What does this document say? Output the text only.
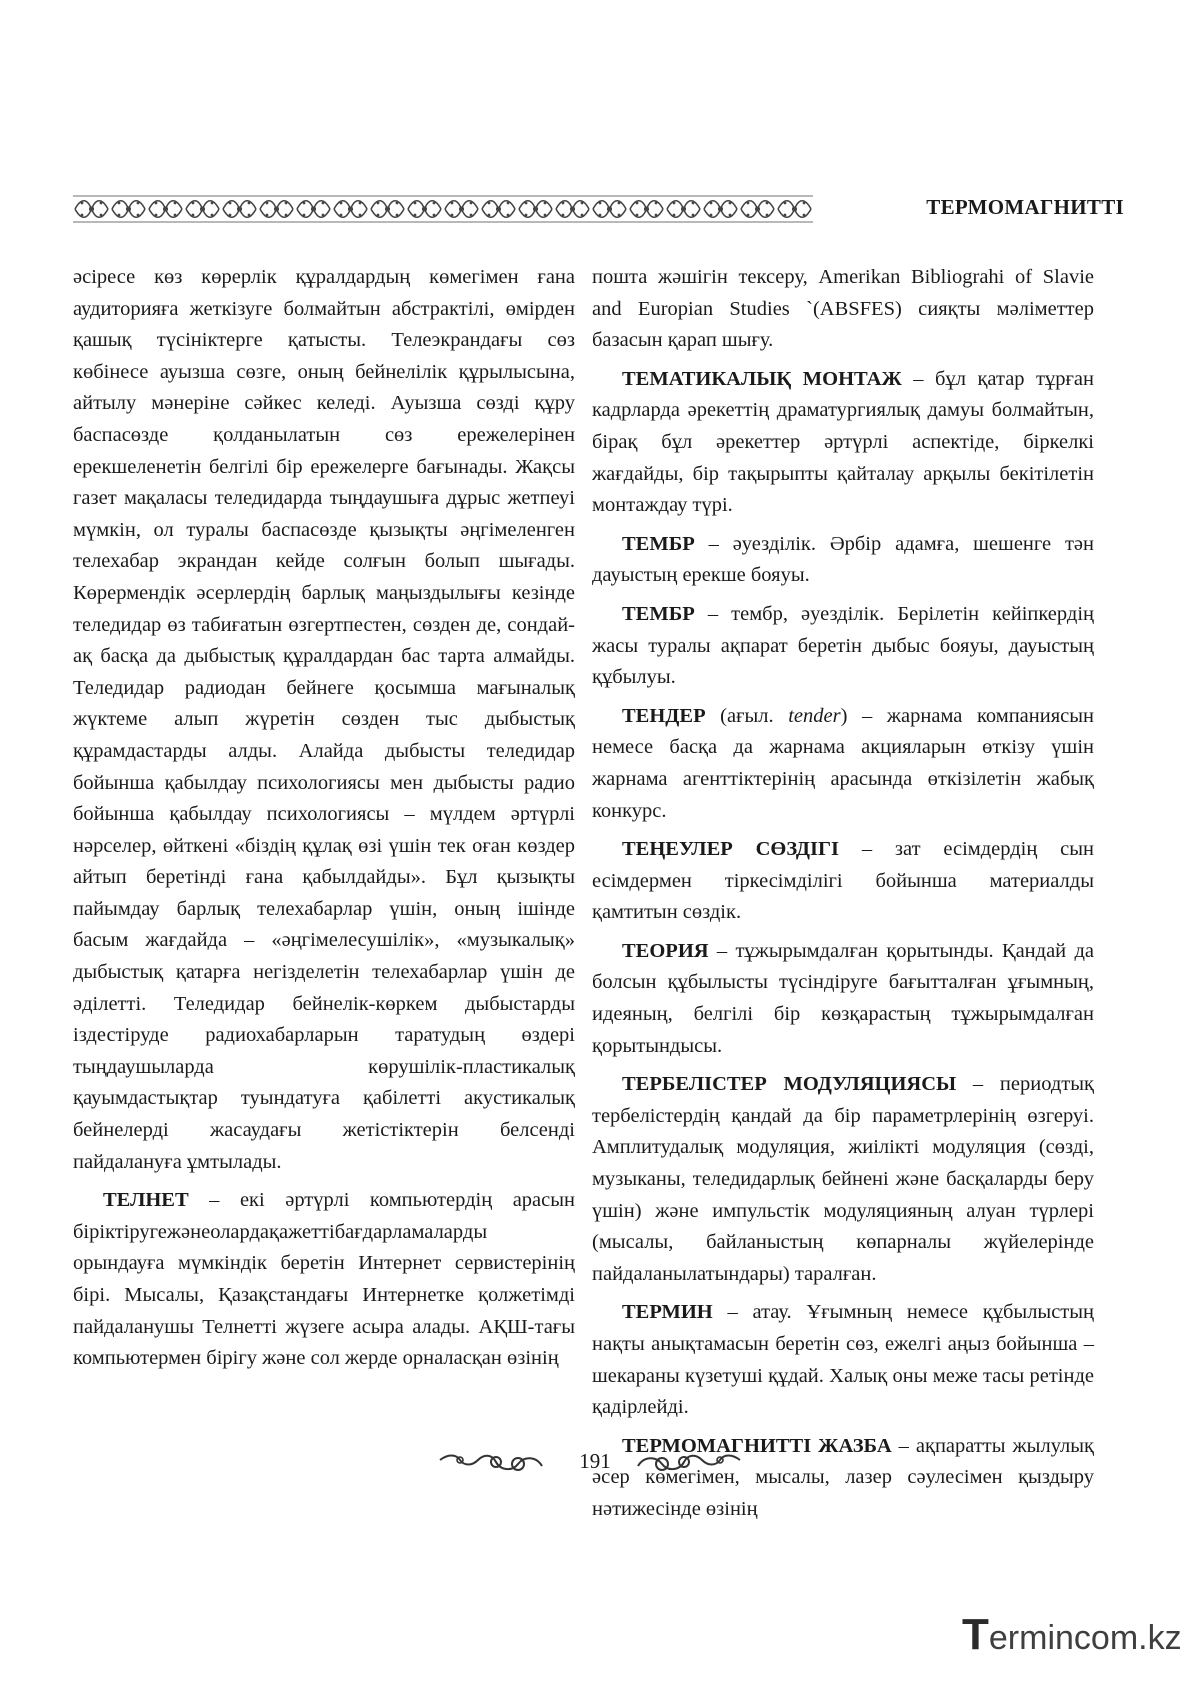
ТЕРМОМАГНИТТІ

әсіресе көз көрерлік құралдардың көмегімен ғана аудиторияға жеткізуге болмайтын абстрактілі, өмірден қашық түсініктерге қатысты. Телеэкрандағы сөз көбінесе ауызша сөзге, оның бейнелілік құрылысына, айтылу мәнеріне сәйкес келеді. Ауызша сөзді құру баспасөзде қолданылатын сөз ережелерінен ерекшеленетін белгілі бір ережелерге бағынады. Жақсы газет мақаласы теледидарда тыңдаушыға дұрыс жетпеуі мүмкін, ол туралы баспасөзде қызықты әңгімеленген телехабар экрандан кейде солғын болып шығады. Көрермендік әсерлердің барлық маңыздылығы кезінде теледидар өз табиғатын өзгертпестен, сөзден де, сондай-ақ басқа да дыбыстық құралдардан бас тарта алмайды. Теледидар радиодан бейнеге қосымша мағыналық жүктеме алып жүретін сөзден тыс дыбыстық құрамдастарды алды. Алайда дыбысты теледидар бойынша қабылдау психологиясы мен дыбысты радио бойынша қабылдау психологиясы – мүлдем әртүрлі нәрселер, өйткені «біздің құлақ өзі үшін тек оған көздер айтып беретінді ғана қабылдайды». Бұл қызықты пайымдау барлық телехабарлар үшін, оның ішінде басым жағдайда – «әңгімелесушілік», «музыкалық» дыбыстық қатарға негізделетін телехабарлар үшін де әділетті. Теледидар бейнелік-көркем дыбыстарды іздестіруде радиохабарларын таратудың өздері тыңдаушыларда көрушілік-пластикалық қауымдастықтар туындатуға қабілетті акустикалық бейнелерді жасаудағы жетістіктерін белсенді пайдалануға ұмтылады.

ТЕЛНЕТ – екі әртүрлі компьютердің арасын біріктіругежәнеолардақажеттібағдарламаларды орындауға мүмкіндік беретін Интернет сервистерінің бірі. Мысалы, Қазақстандағы Интернетке қолжетімді пайдаланушы Телнетті жүзеге асыра алады. АҚШ-тағы компьютермен бірігу және сол жерде орналасқан өзінің

пошта жәшігін тексеру, Amerikan Bibliograhi of Slavie and Europian Studies `(ABSFES) сияқты мәліметтер базасын қарап шығу.

ТЕМАТИКАЛЫҚ МОНТАЖ – бұл қатар тұрған кадрларда әрекеттің драматургиялық дамуы болмайтын, бірақ бұл әрекеттер әртүрлі аспектіде, біркелкі жағдайды, бір тақырыпты қайталау арқылы бекітілетін монтаждау түрі.

ТЕМБР – әуезділік. Әрбір адамға, шешенге тән дауыстың ерекше бояуы.

ТЕМБР – тембр, әуезділік. Берілетін кейіпкердің жасы туралы ақпарат беретін дыбыс бояуы, дауыстың құбылуы.

ТЕНДЕР (ағыл. tender) – жарнама компаниясын немесе басқа да жарнама акцияларын өткізу үшін жарнама агенттіктерінің арасында өткізілетін жабық конкурс.

ТЕҢЕУЛЕР СӨЗДІГІ – зат есімдердің сын есімдермен тіркесімділігі бойынша материалды қамтитын сөздік.

ТЕОРИЯ – тұжырымдалған қорытынды. Қандай да болсын құбылысты түсіндіруге бағытталған ұғымның, идеяның, белгілі бір көзқарастың тұжырымдалған қорытындысы.

ТЕРБЕЛІСТЕР МОДУЛЯЦИЯСЫ – периодтық тербелістердің қандай да бір параметрлерінің өзгеруі. Амплитудалық модуляция, жиілікті модуляция (сөзді, музыканы, теледидарлық бейнені және басқаларды беру үшін) және импульстік модуляцияның алуан түрлері (мысалы, байланыстың көпарналы жүйелерінде пайдаланылатындары) таралған.

ТЕРМИН – атау. Ұғымның немесе құбылыстың нақты анықтамасын беретін сөз, ежелгі аңыз бойынша – шекараны күзетуші құдай. Халық оны меже тасы ретінде қадірлейді.

ТЕРМОМАГНИТТІ ЖАЗБА – ақпаратты жылулық әсер көмегімен, мысалы, лазер сәулесімен қыздыру нәтижесінде өзінің

191
Termincom.kz
